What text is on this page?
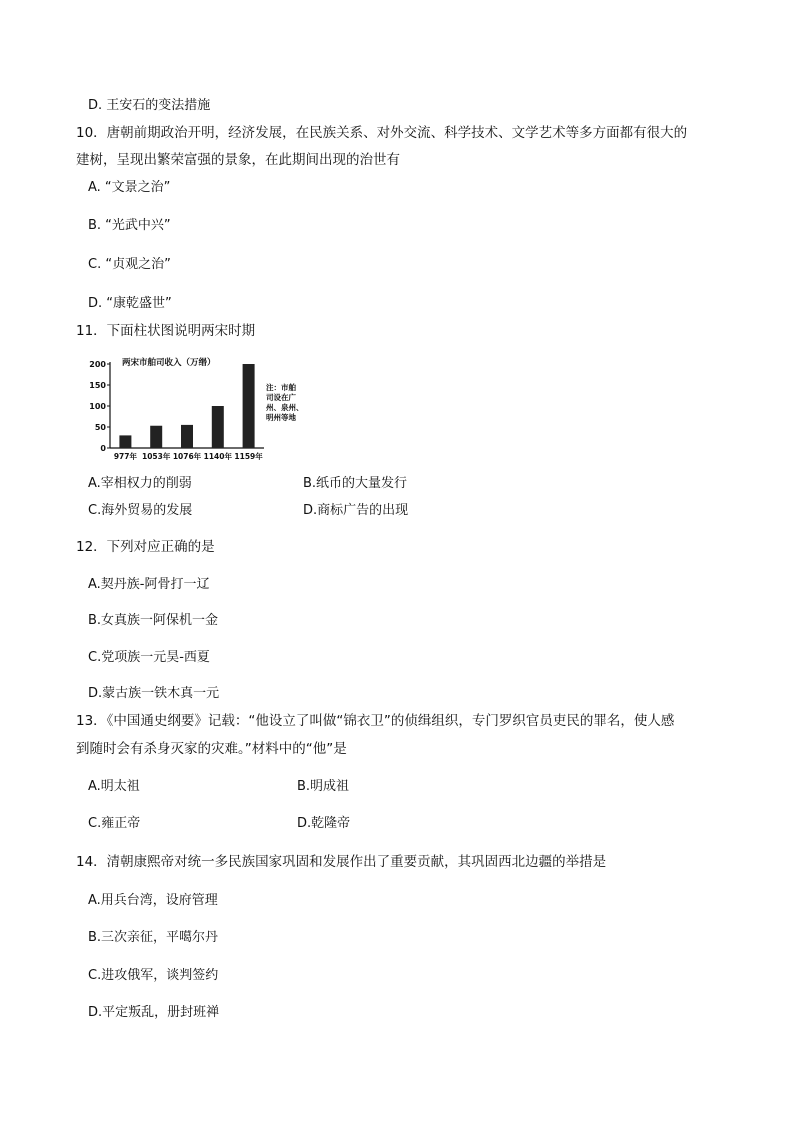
D. 王安石的变法措施
10．唐朝前期政治开明，经济发展，在民族关系、对外交流、科学技术、文学艺术等多方面都有很大的
建树，呈现出繁荣富强的景象，在此期间出现的治世有
A. “文景之治”
B. “光武中兴”
C. “贞观之治”
D. “康乾盛世”
11．下面柱状图说明两宋时期
两宋市舶司收入（万缗）
200
150
100
50
0
977年 1053年 1076年 1140年 1159年
注：市舶
司设在广
州、泉州、
明州等地
A.宰相权力的削弱	B.纸币的大量发行
C.海外贸易的发展	D.商标广告的出现
12．下列对应正确的是
A.契丹族-阿骨打一辽
B.女真族一阿保机一金
C.党项族一元昊-西夏
D.蒙古族一铁木真一元
13．《中国通史纲要》记载：“他设立了叫做“锦衣卫”的侦缉组织，专门罗织官员吏民的罪名，使人感
到随时会有杀身灭家的灾难。”材料中的“他”是
A.明太祖	B.明成祖
C.雍正帝	D.乾隆帝
14．清朝康熙帝对统一多民族国家巩固和发展作出了重要贡献，其巩固西北边疆的举措是
A.用兵台湾，设府管理
B.三次亲征，平噶尔丹
C.进攻俄军，谈判签约
D.平定叛乱，册封班禅
